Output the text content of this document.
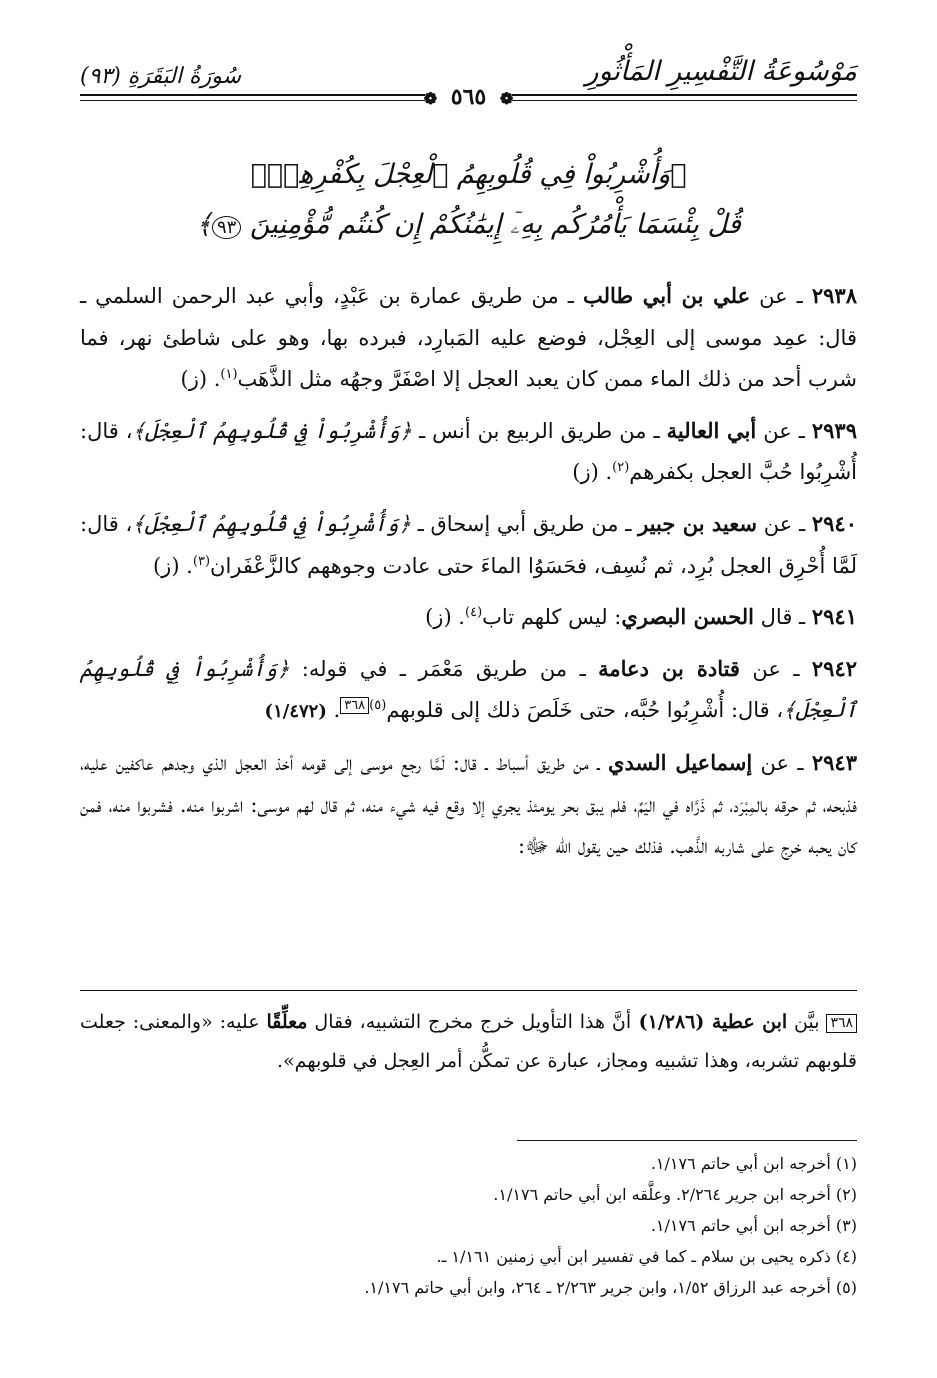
سُورَةُ البَقَرَةِ (٩٣)
❁ ٥٦٥ ❁
مَوْسُوعَةُ التَّفْسِيرِ المَأْثُورِ
﴿وَأُشْرِبُواْ فِي قُلُوبِهِمُ ٱلْعِجْلَ بِكُفْرِهِمْۚ
قُلْ بِئْسَمَا يَأْمُرُكُم بِهِۦٓ إِيمَٰنُكُمْ إِن كُنتُم مُّؤْمِنِينَ ٩٣﴾

٢٩٣٨ ـ عن علي بن أبي طالب ـ من طريق عمارة بن عَبْدٍ، وأبي عبد الرحمن السلمي ـ قال: عمِد موسى إلى العِجْل، فوضع عليه المَبارِد، فبرده بها، وهو على شاطئ نهر، فما شرب أحد من ذلك الماء ممن كان يعبد العجل إلا اصْفَرَّ وجهُه مثل الذَّهَب$^{(١)}$. (ز)

٢٩٣٩ ـ عن أبي العالية ـ من طريق الربيع بن أنس ـ ﴿وَأُشْرِبُواْ فِي قُلُوبِهِمُ ٱلْعِجْلَ﴾، قال: أُشْرِبُوا حُبَّ العجل بكفرهم$^{(٢)}$. (ز)

٢٩٤٠ ـ عن سعيد بن جبير ـ من طريق أبي إسحاق ـ ﴿وَأُشْرِبُواْ فِي قُلُوبِهِمُ ٱلْعِجْلَ﴾، قال: لَمَّا أُحْرِق العجل بُرِد، ثم نُسِف، فحَسَوُا الماءَ حتى عادت وجوههم كالزَّعْفَران$^{(٣)}$. (ز)

٢٩٤١ ـ قال الحسن البصري: ليس كلهم تاب$^{(٤)}$. (ز)

٢٩٤٢ ـ عن قتادة بن دعامة ـ من طريق مَعْمَر ـ في قوله: ﴿وَأُشْرِبُواْ فِي قُلُوبِهِمُ ٱلْعِجْلَ﴾، قال: أُشْرِبُوا حُبَّه، حتى خَلَصَ ذلك إلى قلوبهم$^{(٥)}$٣٦٨. (١/٤٧٢)

٢٩٤٣ ـ عن إسماعيل السدي ـ من طريق أسباط ـ قال: لَمَّا رجع موسى إلى قومه أخذ العجل الذي وجدهم عاكفين عليه، فذبحه، ثم حرقه بالمِبْرَد، ثم ذَرَّاه في اليَمِّ، فلم يبق بحر يومئذ يجري إلا وقع فيه شيء منه، ثم قال لهم موسى: اشربوا منه. فشربوا منه، فمن كان يحبه خرج على شاربه الذَّهب. فذلك حين يقول الله ﷻ:

٣٦٨ بيَّن ابن عطية (١/٢٨٦) أنَّ هذا التأويل خرج مخرج التشبيه، فقال معلِّقًا عليه: «والمعنى: جعلت قلوبهم تشربه، وهذا تشبيه ومجاز، عبارة عن تمكُّن أمر العِجل في قلوبهم».
(١) أخرجه ابن أبي حاتم ١/١٧٦.
(٢) أخرجه ابن جرير ٢/٢٦٤. وعلَّقه ابن أبي حاتم ١/١٧٦.
(٣) أخرجه ابن أبي حاتم ١/١٧٦.
(٤) ذكره يحيى بن سلام ـ كما في تفسير ابن أبي زمنين ١/١٦١ ـ.
(٥) أخرجه عبد الرزاق ١/٥٢، وابن جرير ٢/٢٦٣ ـ ٢٦٤، وابن أبي حاتم ١/١٧٦.
